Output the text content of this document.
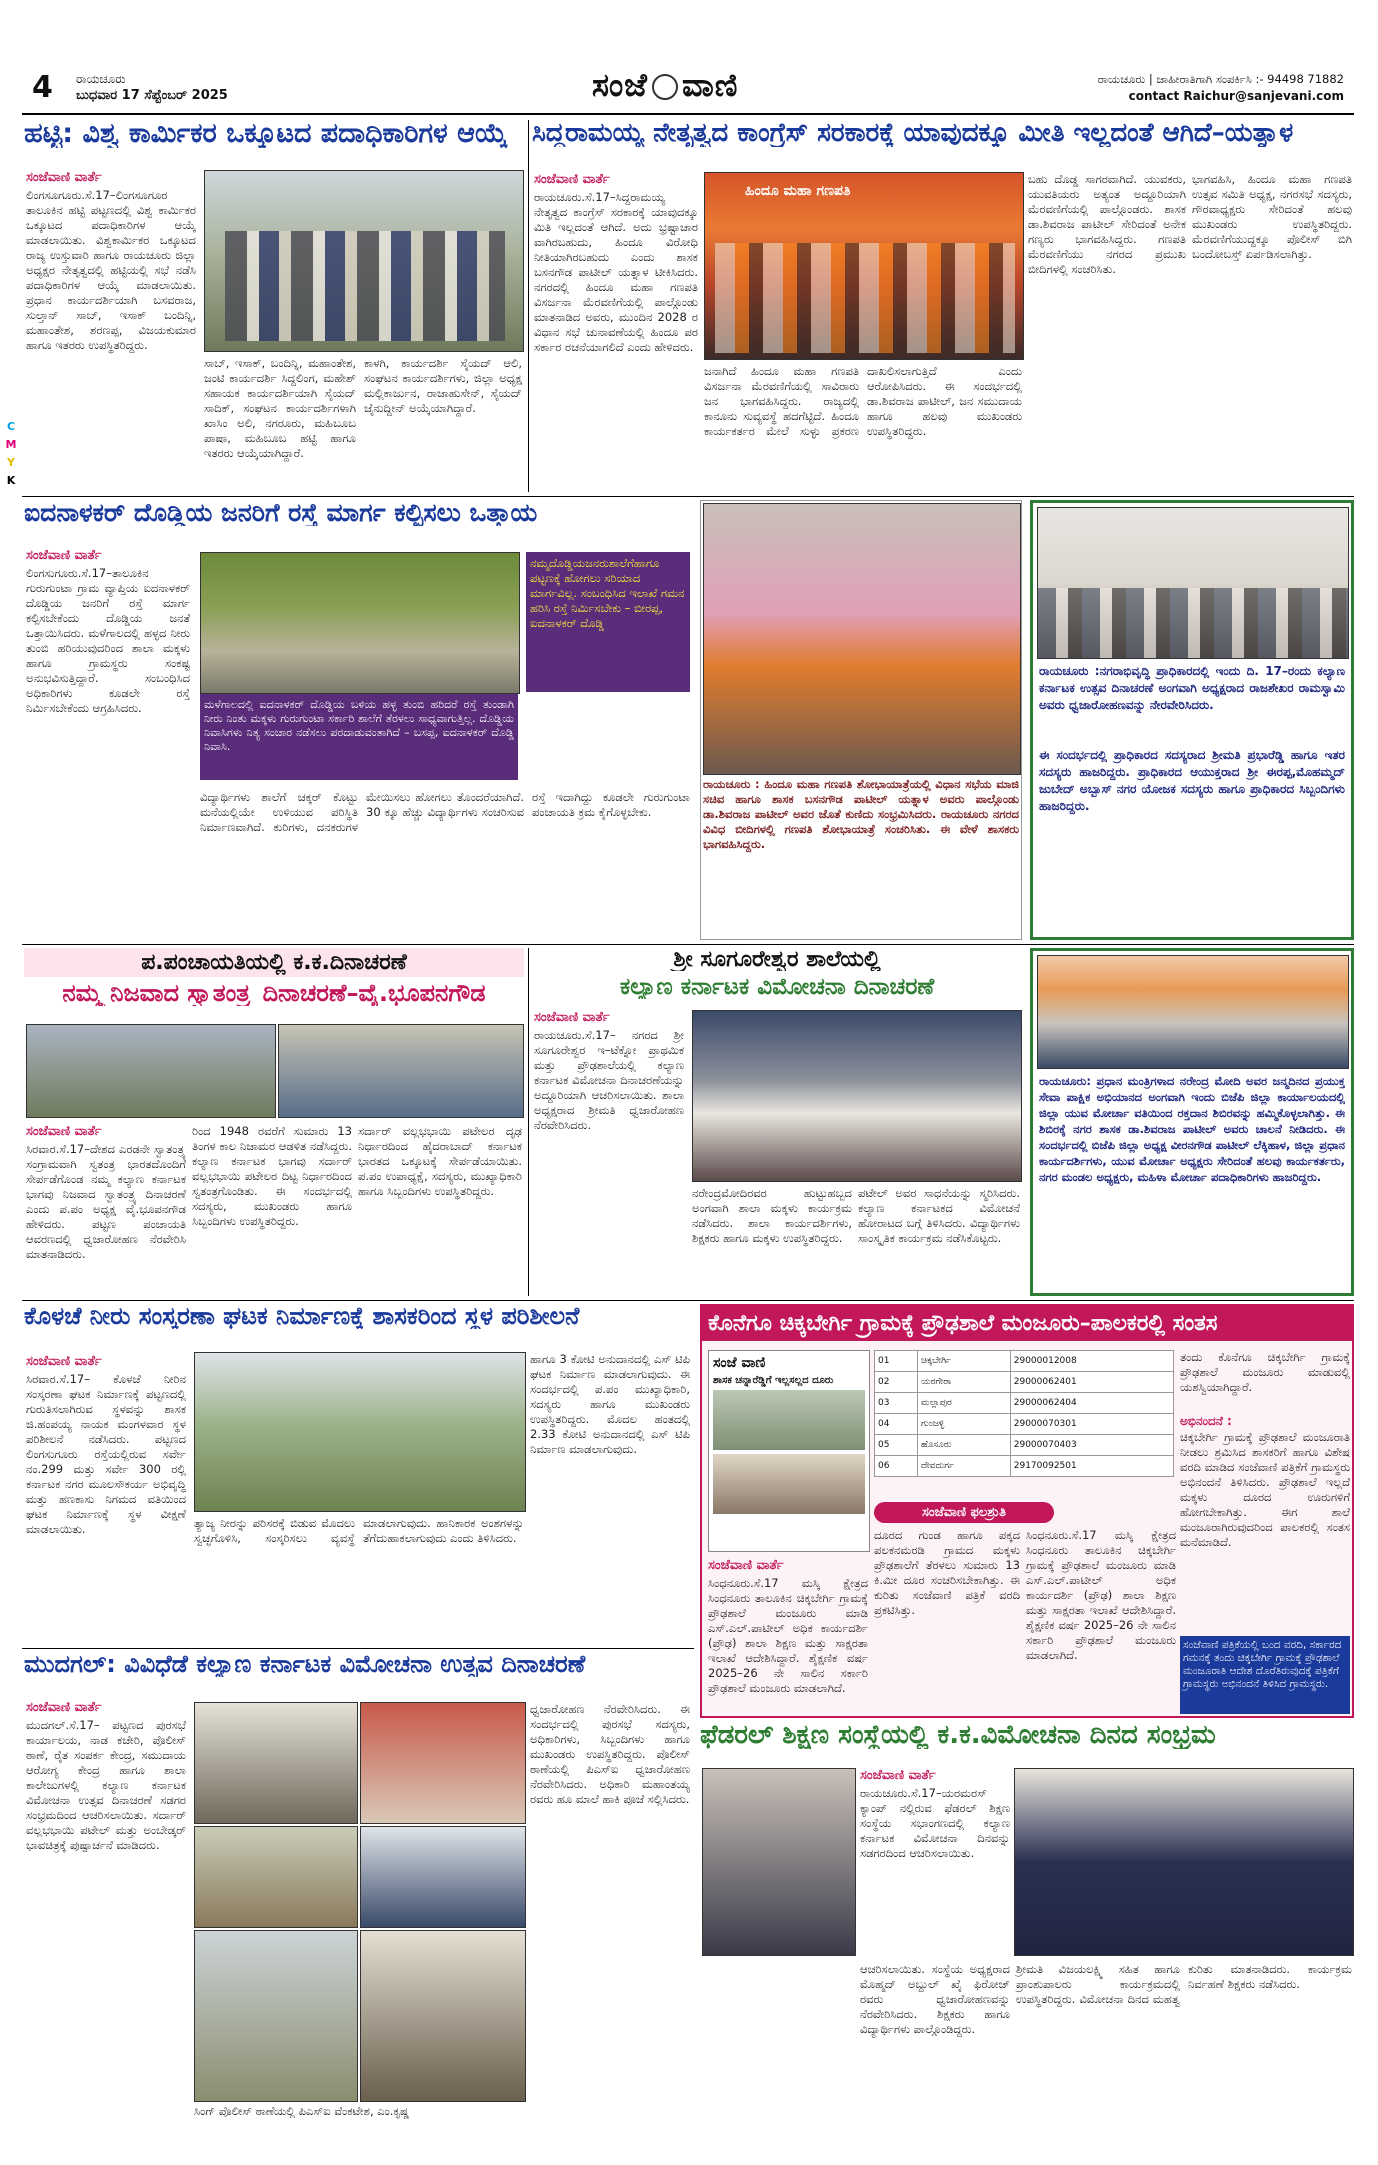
4 ರಾಯಚೂರು
ಬುಧವಾರ 17 ಸೆಪ್ಟೆಂಬರ್ 2025	ಸಂಜೆ ವಾಣಿ	ರಾಯಚೂರು | ಜಾಹೀರಾತಿಗಾಗಿ ಸಂಪರ್ಕಿಸಿ :- 94498 71882
contact Raichur@sanjevani.com
C
M
Y
K
ಹಟ್ಟಿ: ವಿಶ್ವ ಕಾರ್ಮಿಕರ ಒಕ್ಕೂಟದ ಪದಾಧಿಕಾರಿಗಳ ಆಯ್ಕೆ
ಸಂಜೆವಾಣಿ ವಾರ್ತೆ
ಲಿಂಗಸೂಗೂರು.ಸೆ.17–ಲಿಂಗಸೂಗೂರ ತಾಲೂಕಿನ ಹಟ್ಟಿ ಪಟ್ಟಣದಲ್ಲಿ ವಿಶ್ವ ಕಾರ್ಮಿಕರ ಒಕ್ಕೂಟದ ಪದಾಧಿಕಾರಿಗಳ ಆಯ್ಕೆ ಮಾಡಲಾಯಿತು. ವಿಶ್ವಕಾರ್ಮಿಕರ ಒಕ್ಕೂಟದ ರಾಜ್ಯ ಉಸ್ತುವಾರಿ ಹಾಗೂ ರಾಯಚೂರು ಜಿಲ್ಲಾ ಅಧ್ಯಕ್ಷರ ನೇತೃತ್ವದಲ್ಲಿ ಹಟ್ಟಿಯಲ್ಲಿ ಸಭೆ ನಡೆಸಿ ಪದಾಧಿಕಾರಿಗಳ ಆಯ್ಕೆ ಮಾಡಲಾಯಿತು. ಪ್ರಧಾನ ಕಾರ್ಯದರ್ಶಿಯಾಗಿ ಬಸವರಾಜ, ಸುಲ್ತಾನ್ ಸಾಬ್, ಇಸಾಕ್ ಬಂದಿನ್ನಿ, ಮಹಾಂತೇಶ, ಶರಣಪ್ಪ, ವಿಜಯಕುಮಾರ ಹಾಗೂ ಇತರರು ಉಪಸ್ಥಿತರಿದ್ದರು.
ಸಾಬ್, ಇಸಾಕ್, ಬಂದಿನ್ನಿ, ಮಹಾಂತೇಶ, ಜಂಟಿ ಕಾರ್ಯದರ್ಶಿ ಸಿದ್ದಲಿಂಗ, ಮಹೇಶ್ ಸಹಾಯಕ ಕಾರ್ಯದರ್ಶಿಯಾಗಿ ಸೈಯದ್ ಸಾದಿಕ್, ಸಂಘಟನ ಕಾರ್ಯದರ್ಶಿಗಳಾಗಿ ಖಾಸಿಂ ಅಲಿ, ನಗರೂರು, ಮಹಿಬೂಬ ಪಾಷಾ, ಮಹಿಬೂಬ ಹಟ್ಟಿ ಹಾಗೂ ಇತರರು ಆಯ್ಕೆಯಾಗಿದ್ದಾರೆ.
ಕಾಳಗಿ, ಕಾರ್ಯದರ್ಶಿ ಸೈಯದ್ ಆಲಿ, ಸಂಘಟನ ಕಾರ್ಯದರ್ಶಿಗಳು, ಜಿಲ್ಲಾ ಅಧ್ಯಕ್ಷ ಮಲ್ಲಿಕಾರ್ಜುನ, ರಾಜಾಹುಸೇನ್, ಸೈಯದ್ ಜೈನುದ್ದೀನ್ ಅಯ್ಕೆಯಾಗಿದ್ದಾರೆ.
ಸಿದ್ದರಾಮಯ್ಯ ನೇತೃತ್ವದ ಕಾಂಗ್ರೆಸ್ ಸರಕಾರಕ್ಕೆ ಯಾವುದಕ್ಕೂ ಮೀತಿ ಇಲ್ಲದಂತೆ ಆಗಿದೆ–ಯತ್ನಾಳ
ಸಂಜೆವಾಣಿ ವಾರ್ತೆ
ರಾಯಚೂರು.ಸೆ.17–ಸಿದ್ದರಾಮಯ್ಯ ನೇತೃತ್ವದ ಕಾಂಗ್ರೆಸ್ ಸರಕಾರಕ್ಕೆ ಯಾವುದಕ್ಕೂ ಮಿತಿ ಇಲ್ಲದಂತೆ ಆಗಿದೆ. ಅದು ಭ್ರಷ್ಟಾಚಾರ ವಾಗಿರಬಹುದು, ಹಿಂದೂ ವಿರೋಧಿ ನೀತಿಯಾಗಿರಬಹುದು ಎಂದು ಶಾಸಕ ಬಸನಗೌಡ ಪಾಟೀಲ್ ಯತ್ನಾಳ ಟೀಕಿಸಿದರು. ನಗರದಲ್ಲಿ ಹಿಂದೂ ಮಹಾ ಗಣಪತಿ ವಿಸರ್ಜನಾ ಮೆರವಣಿಗೆಯಲ್ಲಿ ಪಾಲ್ಗೊಂಡು ಮಾತನಾಡಿದ ಅವರು, ಮುಂದಿನ 2028 ರ ವಿಧಾನ ಸಭೆ ಚುನಾವಣೆಯಲ್ಲಿ ಹಿಂದೂ ಪರ ಸರ್ಕಾರ ರಚನೆಯಾಗಲಿದೆ ಎಂದು ಹೇಳಿದರು.
ಹಿಂದೂ ಮಹಾ ಗಣಪತಿ
ಜನಾಗಿದೆ ಹಿಂದೂ ಮಹಾ ಗಣಪತಿ ವಿಸರ್ಜನಾ ಮೆರವಣಿಗೆಯಲ್ಲಿ ಸಾವಿರಾರು ಜನ ಭಾಗವಹಿಸಿದ್ದರು. ರಾಜ್ಯದಲ್ಲಿ ಕಾನೂನು ಸುವ್ಯವಸ್ಥೆ ಹದಗೆಟ್ಟಿದೆ. ಹಿಂದೂ ಕಾರ್ಯಕರ್ತರ ಮೇಲೆ ಸುಳ್ಳು ಪ್ರಕರಣ ದಾಖಲಿಸಲಾಗುತ್ತಿದೆ ಎಂದು ಆರೋಪಿಸಿದರು. ಈ ಸಂದರ್ಭದಲ್ಲಿ ಡಾ.ಶಿವರಾಜ ಪಾಟೀಲ್, ಜನ ಸಮುದಾಯ ಹಾಗೂ ಹಲವು ಮುಖಂಡರು ಉಪಸ್ಥಿತರಿದ್ದರು.
ಬಹು ದೊಡ್ಡ ಸಾಗರವಾಗಿದೆ. ಯುವಕರು, ಯುವತಿಯರು ಅತ್ಯಂತ ಅದ್ದೂರಿಯಾಗಿ ಮೆರವಣಿಗೆಯಲ್ಲಿ ಪಾಲ್ಗೊಂಡರು. ಶಾಸಕ ಡಾ.ಶಿವರಾಜ ಪಾಟೀಲ್ ಸೇರಿದಂತೆ ಅನೇಕ ಗಣ್ಯರು ಭಾಗವಹಿಸಿದ್ದರು. ಗಣಪತಿ ಮೆರವಣಿಗೆಯು ನಗರದ ಪ್ರಮುಖ ಬೀದಿಗಳಲ್ಲಿ ಸಂಚರಿಸಿತು.
ಭಾಗವಹಿಸಿ, ಹಿಂದೂ ಮಹಾ ಗಣಪತಿ ಉತ್ಸವ ಸಮಿತಿ ಅಧ್ಯಕ್ಷ, ನಗರಸಭೆ ಸದಸ್ಯರು, ಗೌರವಾಧ್ಯಕ್ಷರು ಸೇರಿದಂತೆ ಹಲವು ಮುಖಂಡರು ಉಪಸ್ಥಿತರಿದ್ದರು. ಮೆರವಣಿಗೆಯುದ್ದಕ್ಕೂ ಪೊಲೀಸ್ ಬಿಗಿ ಬಂದೋಬಸ್ತ್ ಏರ್ಪಡಿಸಲಾಗಿತ್ತು.
ಐದನಾಳಕರ್ ದೊಡ್ಡಿಯ ಜನರಿಗೆ ರಸ್ತೆ ಮಾರ್ಗ ಕಲ್ಪಿಸಲು ಒತ್ತಾಯ
ಸಂಜೆವಾಣಿ ವಾರ್ತೆ
ಲಿಂಗಸುಗೂರು.ಸೆ.17–ತಾಲೂಕಿನ ಗುರುಗುಂಟಾ ಗ್ರಾಮ ವ್ಯಾಪ್ತಿಯ ಐದನಾಳಕರ್ ದೊಡ್ಡಿಯ ಜನರಿಗೆ ರಸ್ತೆ ಮಾರ್ಗ ಕಲ್ಪಿಸಬೇಕೆಂದು ದೊಡ್ಡಿಯ ಜನತೆ ಒತ್ತಾಯಿಸಿದರು. ಮಳೆಗಾಲದಲ್ಲಿ ಹಳ್ಳದ ನೀರು ತುಂಬಿ ಹರಿಯುವುದರಿಂದ ಶಾಲಾ ಮಕ್ಕಳು ಹಾಗೂ ಗ್ರಾಮಸ್ಥರು ಸಂಕಷ್ಟ ಅನುಭವಿಸುತ್ತಿದ್ದಾರೆ. ಸಂಬಂಧಿಸಿದ ಅಧಿಕಾರಿಗಳು ಕೂಡಲೇ ರಸ್ತೆ ನಿರ್ಮಿಸಬೇಕೆಂದು ಆಗ್ರಹಿಸಿದರು.	ಮಳೆಗಾಲದಲ್ಲಿ ಐದನಾಳಕರ್ ದೊಡ್ಡಿಯ ಬಳಿಯ ಹಳ್ಳ ತುಂಬಿ ಹರಿದರೆ ರಸ್ತೆ ತುಂಡಾಗಿ ನೀರು ನಿಂತು ಮಕ್ಕಳು ಗುರುಗುಂಟಾ ಸರ್ಕಾರಿ ಶಾಲೆಗೆ ತೆರಳಲು ಸಾಧ್ಯವಾಗುತ್ತಿಲ್ಲ. ದೊಡ್ಡಿಯ ನಿವಾಸಿಗಳು ನಿತ್ಯ ಸಂಚಾರ ನಡೆಸಲು ಪರದಾಡುವಂತಾಗಿದೆ – ಬಸಪ್ಪ, ಐದನಾಳಕರ್ ದೊಡ್ಡಿ ನಿವಾಸಿ.
ನಮ್ಮದೊಡ್ಡಿಯಜನರುಶಾಲೆಗೆಹಾಗೂ ಪಟ್ಟಣಕ್ಕೆ ಹೋಗಲು ಸರಿಯಾದ ಮಾರ್ಗವಿಲ್ಲ. ಸಂಬಂಧಿಸಿದ ಇಲಾಖೆ ಗಮನ ಹರಿಸಿ ರಸ್ತೆ ನಿರ್ಮಿಸಬೇಕು – ಬೀರಪ್ಪ, ಐದನಾಳಕರ್ ದೊಡ್ಡಿ
ವಿದ್ಯಾರ್ಥಿಗಳು ಶಾಲೆಗೆ ಚಕ್ಕರ್ ಕೊಟ್ಟು ಮನೆಯಲ್ಲಿಯೇ ಉಳಿಯುವ ಪರಿಸ್ಥಿತಿ ನಿರ್ಮಾಣವಾಗಿದೆ. ಕುರಿಗಳು, ದನಕರುಗಳ ಮೇಯಿಸಲು ಹೋಗಲು ತೊಂದರೆಯಾಗಿದೆ. 30 ಕ್ಕೂ ಹೆಚ್ಚು ವಿದ್ಯಾರ್ಥಿಗಳು ಸಂಚರಿಸುವ ರಸ್ತೆ ಇದಾಗಿದ್ದು ಕೂಡಲೇ ಗುರುಗುಂಟಾ ಪಂಚಾಯತಿ ಕ್ರಮ ಕೈಗೊಳ್ಳಬೇಕು.
ರಾಯಚೂರು : ಹಿಂದೂ ಮಹಾ ಗಣಪತಿ ಶೋಭಾಯಾತ್ರೆಯಲ್ಲಿ ವಿಧಾನ ಸಭೆಯ ಮಾಜಿ ಸಚಿವ ಹಾಗೂ ಶಾಸಕ ಬಸನಗೌಡ ಪಾಟೀಲ್ ಯತ್ನಾಳ ಅವರು ಪಾಲ್ಗೊಂಡು ಡಾ.ಶಿವರಾಜ ಪಾಟೀಲ್ ಅವರ ಜೊತೆ ಕುಣಿದು ಸಂಭ್ರಮಿಸಿದರು. ರಾಯಚೂರು ನಗರದ ವಿವಿಧ ಬೀದಿಗಳಲ್ಲಿ ಗಣಪತಿ ಶೋಭಾಯಾತ್ರೆ ಸಂಚರಿಸಿತು. ಈ ವೇಳೆ ಶಾಸಕರು ಭಾಗವಹಿಸಿದ್ದರು.
ರಾಯಚೂರು :ನಗರಾಭಿವೃದ್ಧಿ ಪ್ರಾಧಿಕಾರದಲ್ಲಿ ಇಂದು ದಿ. 17–ರಂದು ಕಲ್ಯಾಣ ಕರ್ನಾಟಕ ಉತ್ಸವ ದಿನಾಚರಣೆ ಅಂಗವಾಗಿ ಅಧ್ಯಕ್ಷರಾದ ರಾಜಶೇಖರ ರಾಮಸ್ವಾಮಿ ಅವರು ಧ್ವಜಾರೋಹಣವನ್ನು ನೇರವೇರಿಸಿದರು.
ಈ ಸಂದರ್ಭದಲ್ಲಿ ಪ್ರಾಧಿಕಾರದ ಸದಸ್ಯರಾದ ಶ್ರೀಮತಿ ಪ್ರಭಾರೆಡ್ಡಿ ಹಾಗೂ ಇತರ ಸದಸ್ಯರು ಹಾಜರಿದ್ದರು. ಪ್ರಾಧಿಕಾರದ ಆಯುಕ್ತರಾದ ಶ್ರೀ ಈರಪ್ಪ,ಮೊಹಮ್ಮದ್ ಜುಬೇದ್ ಅಬ್ಬಾಸ್ ನಗರ ಯೋಜಕ ಸದಸ್ಯರು ಹಾಗೂ ಪ್ರಾಧಿಕಾರದ ಸಿಬ್ಬಂದಿಗಳು ಹಾಜರಿದ್ದರು.
ಪ.ಪಂಚಾಯತಿಯಲ್ಲಿ ಕ.ಕ.ದಿನಾಚರಣೆ
ನಮ್ಮ ನಿಜವಾದ ಸ್ವಾತಂತ್ರ್ಯ ದಿನಾಚರಣೆ–ವೈ.ಭೂಪನಗೌಡ
ಸಂಜೆವಾಣಿ ವಾರ್ತೆ
ಸಿರವಾರ.ಸೆ.17–ದೇಶದ ಎರಡನೇ ಸ್ವಾತಂತ್ರ್ಯ ಸಂಗ್ರಾಮವಾಗಿ ಸ್ವತಂತ್ರ ಭಾರತದೊಂದಿಗೆ ಸೇರ್ಪಡೆಗೊಂಡ ನಮ್ಮ ಕಲ್ಯಾಣ ಕರ್ನಾಟಕ ಭಾಗವು ನಿಜವಾದ ಸ್ವಾತಂತ್ರ್ಯ ದಿನಾಚರಣೆ ಎಂದು ಪ.ಪಂ ಅಧ್ಯಕ್ಷ ವೈ.ಭೂಪನಗೌಡ ಹೇಳಿದರು. ಪಟ್ಟಣ ಪಂಚಾಯತಿ ಆವರಣದಲ್ಲಿ ಧ್ವಜಾರೋಹಣ ನೆರವೇರಿಸಿ ಮಾತನಾಡಿದರು.
ರಿಂದ 1948 ರವರೆಗೆ ಸುಮಾರು 13 ತಿಂಗಳ ಕಾಲ ನಿಜಾಮರ ಆಡಳಿತ ನಡೆಸಿದ್ದರು. ಕಲ್ಯಾಣ ಕರ್ನಾಟಕ ಭಾಗವು ಸರ್ದಾರ್ ವಲ್ಲಭಭಾಯಿ ಪಟೇಲರ ದಿಟ್ಟ ನಿರ್ಧಾರದಿಂದ ಸ್ವತಂತ್ರಗೊಂಡಿತು. ಈ ಸಂದರ್ಭದಲ್ಲಿ ಸದಸ್ಯರು, ಮುಖಂಡರು ಹಾಗೂ ಸಿಬ್ಬಂದಿಗಳು ಉಪಸ್ಥಿತರಿದ್ದರು.
ಸರ್ದಾರ್ ವಲ್ಲಭಭಾಯಿ ಪಟೇಲರ ದೃಢ ನಿರ್ಧಾರದಿಂದ ಹೈದರಾಬಾದ್ ಕರ್ನಾಟಕ ಭಾರತದ ಒಕ್ಕೂಟಕ್ಕೆ ಸೇರ್ಪಡೆಯಾಯಿತು. ಪ.ಪಂ ಉಪಾಧ್ಯಕ್ಷೆ, ಸದಸ್ಯರು, ಮುಖ್ಯಾಧಿಕಾರಿ ಹಾಗೂ ಸಿಬ್ಬಂದಿಗಳು ಉಪಸ್ಥಿತರಿದ್ದರು.
ಶ್ರೀ ಸೂಗೂರೇಶ್ವರ ಶಾಲೆಯಲ್ಲಿ
ಕಲ್ಯಾಣ ಕರ್ನಾಟಕ ವಿಮೋಚನಾ ದಿನಾಚರಣೆ
ಸಂಜೆವಾಣಿ ವಾರ್ತೆ
ರಾಯಚೂರು.ಸೆ.17– ನಗರದ ಶ್ರೀ ಸೂಗೂರೇಶ್ವರ ಇ–ಟೆಕ್ನೋ ಪ್ರಾಥಮಿಕ ಮತ್ತು ಪ್ರೌಢಶಾಲೆಯಲ್ಲಿ ಕಲ್ಯಾಣ ಕರ್ನಾಟಕ ವಿಮೋಚನಾ ದಿನಾಚರಣೆಯನ್ನು ಅದ್ದೂರಿಯಾಗಿ ಆಚರಿಸಲಾಯಿತು. ಶಾಲಾ ಅಧ್ಯಕ್ಷರಾದ ಶ್ರೀಮತಿ ಧ್ವಜಾರೋಹಣ ನೆರವೇರಿಸಿದರು.
ನರೇಂದ್ರಮೋದಿರವರ ಹುಟ್ಟುಹಬ್ಬದ ಅಂಗವಾಗಿ ಶಾಲಾ ಮಕ್ಕಳು ಕಾರ್ಯಕ್ರಮ ನಡೆಸಿದರು. ಶಾಲಾ ಕಾರ್ಯದರ್ಶಿಗಳು, ಶಿಕ್ಷಕರು ಹಾಗೂ ಮಕ್ಕಳು ಉಪಸ್ಥಿತರಿದ್ದರು.
ಪಟೇಲ್ ಅವರ ಸಾಧನೆಯನ್ನು ಸ್ಮರಿಸಿದರು. ಕಲ್ಯಾಣ ಕರ್ನಾಟಕದ ವಿಮೋಚನೆ ಹೋರಾಟದ ಬಗ್ಗೆ ತಿಳಿಸಿದರು. ವಿದ್ಯಾರ್ಥಿಗಳು ಸಾಂಸ್ಕೃತಿಕ ಕಾರ್ಯಕ್ರಮ ನಡೆಸಿಕೊಟ್ಟರು.
ರಾಯಚೂರು: ಪ್ರಧಾನ ಮಂತ್ರಿಗಳಾದ ನರೇಂದ್ರ ಮೋದಿ ಅವರ ಜನ್ಮದಿನದ ಪ್ರಯುಕ್ತ ಸೇವಾ ಪಾಕ್ಷಿಕ ಅಭಿಯಾನದ ಅಂಗವಾಗಿ ಇಂದು ಬಿಜೆಪಿ ಜಿಲ್ಲಾ ಕಾರ್ಯಾಲಯದಲ್ಲಿ ಜಿಲ್ಲಾ ಯುವ ಮೋರ್ಚಾ ವತಿಯಿಂದ ರಕ್ತದಾನ ಶಿಬಿರವನ್ನು ಹಮ್ಮಿಕೊಳ್ಳಲಾಗಿತ್ತು. ಈ ಶಿಬಿರಕ್ಕೆ ನಗರ ಶಾಸಕ ಡಾ.ಶಿವರಾಜ ಪಾಟೀಲ್ ಅವರು ಚಾಲನೆ ನೀಡಿದರು. ಈ ಸಂದರ್ಭದಲ್ಲಿ ಬಿಜೆಪಿ ಜಿಲ್ಲಾ ಅಧ್ಯಕ್ಷ ವೀರನಗೌಡ ಪಾಟೀಲ್ ಲೆಕ್ಕಿಹಾಳ, ಜಿಲ್ಲಾ ಪ್ರಧಾನ ಕಾರ್ಯದರ್ಶಿಗಳು, ಯುವ ಮೋರ್ಚಾ ಅಧ್ಯಕ್ಷರು ಸೇರಿದಂತೆ ಹಲವು ಕಾರ್ಯಕರ್ತರು, ನಗರ ಮಂಡಲ ಅಧ್ಯಕ್ಷರು, ಮಹಿಳಾ ಮೋರ್ಚಾ ಪದಾಧಿಕಾರಿಗಳು ಹಾಜರಿದ್ದರು.
ಕೊಳಚೆ ನೀರು ಸಂಸ್ಕರಣಾ ಘಟಕ ನಿರ್ಮಾಣಕ್ಕೆ ಶಾಸಕರಿಂದ ಸ್ಥಳ ಪರಿಶೀಲನೆ
ಸಂಜೆವಾಣಿ ವಾರ್ತೆ
ಸಿರವಾರ.ಸೆ.17– ಕೊಳಚೆ ನೀರಿನ ಸಂಸ್ಕರಣಾ ಘಟಕ ನಿರ್ಮಾಣಕ್ಕೆ ಪಟ್ಟಣದಲ್ಲಿ ಗುರುತಿಸಲಾಗಿರುವ ಸ್ಥಳವನ್ನು ಶಾಸಕ ಜಿ.ಹಂಪಯ್ಯ ನಾಯಕ ಮಂಗಳವಾರ ಸ್ಥಳ ಪರಿಶೀಲನೆ ನಡೆಸಿದರು. ಪಟ್ಟಣದ ಲಿಂಗಸುಗೂರು ರಸ್ತೆಯಲ್ಲಿರುವ ಸರ್ವೇ ನಂ.299 ಮತ್ತು ಸರ್ವೇ 300 ರಲ್ಲಿ ಕರ್ನಾಟಕ ನಗರ ಮೂಲಸೌಕರ್ಯ ಅಭಿವೃದ್ಧಿ ಮತ್ತು ಹಣಕಾಸು ನಿಗಮದ ವತಿಯಿಂದ ಘಟಕ ನಿರ್ಮಾಣಕ್ಕೆ ಸ್ಥಳ ವೀಕ್ಷಣೆ ಮಾಡಲಾಯಿತು.	ತ್ಯಾಜ್ಯ ನೀರನ್ನು ಪರಿಸರಕ್ಕೆ ಬಿಡುವ ಮೊದಲು ಸ್ವಚ್ಛಗೊಳಿಸಿ, ಸಂಸ್ಕರಿಸಲು ವ್ಯವಸ್ಥೆ ಮಾಡಲಾಗುವುದು. ಹಾನಿಕಾರಕ ಅಂಶಗಳನ್ನು ತೆಗೆದುಹಾಕಲಾಗುವುದು ಎಂದು ತಿಳಿಸಿದರು.
ಹಾಗೂ 3 ಕೋಟಿ ಅನುದಾನದಲ್ಲಿ ಎಸ್ ಟಿಪಿ ಘಟಕ ನಿರ್ಮಾಣ ಮಾಡಲಾಗುವುದು. ಈ ಸಂದರ್ಭದಲ್ಲಿ ಪ.ಪಂ ಮುಖ್ಯಾಧಿಕಾರಿ, ಸದಸ್ಯರು ಹಾಗೂ ಮುಖಂಡರು ಉಪಸ್ಥಿತರಿದ್ದರು. ಮೊದಲ ಹಂತದಲ್ಲಿ 2.33 ಕೋಟಿ ಅನುದಾನದಲ್ಲಿ ಎಸ್ ಟಿಪಿ ನಿರ್ಮಾಣ ಮಾಡಲಾಗುವುದು.
ಕೊನೆಗೂ ಚಿಕ್ಕಬೇರ್ಗಿ ಗ್ರಾಮಕ್ಕೆ ಪ್ರೌಢಶಾಲೆ ಮಂಜೂರು–ಪಾಲಕರಲ್ಲಿ ಸಂತಸ
ಸಂಜೆ ವಾಣಿ
ಶಾಸಕ ಚನ್ನಾರೆಡ್ಡಿಗೆ ಇಲ್ಲಸಲ್ಲದ ದೂರು
01	ಚಿಕ್ಕಬೇರ್ಗಿ	29000012008
02	ಯರಗೇರಾ	29000062401
03	ಮಲ್ಲಾಪುರ	29000062404
04	ಗುಂಜಳ್ಳಿ	29000070301
05	ಹೊಸೂರು	29000070403
06	ದೇವದುರ್ಗ	29170092501
ಸಂಜೆವಾಣಿ ಫಲಶ್ರುತಿ
ದೂರದ ಗುಂಡ ಹಾಗೂ ಪಕ್ಕದ ಪಲಕನಮರಡಿ ಗ್ರಾಮದ ಮಕ್ಕಳು ಪ್ರೌಢಶಾಲೆಗೆ ತೆರಳಲು ಸುಮಾರು 13 ಕಿ.ಮೀ ದೂರ ಸಂಚರಿಸಬೇಕಾಗಿತ್ತು. ಈ ಕುರಿತು ಸಂಜೆವಾಣಿ ಪತ್ರಿಕೆ ವರದಿ ಪ್ರಕಟಿಸಿತ್ತು.
ಸಂಜೆವಾಣಿ ವಾರ್ತೆ
ಸಿಂಧನೂರು.ಸೆ.17 ಮಸ್ಕಿ ಕ್ಷೇತ್ರದ ಸಿಂಧನೂರು ತಾಲೂಕಿನ ಚಿಕ್ಕಬೇರ್ಗಿ ಗ್ರಾಮಕ್ಕೆ ಪ್ರೌಢಶಾಲೆ ಮಂಜೂರು ಮಾಡಿ ಎಸ್.ಎಲ್.ಪಾಟೀಲ್ ಅಧಿಕ ಕಾರ್ಯದರ್ಶಿ (ಪ್ರೌಢ) ಶಾಲಾ ಶಿಕ್ಷಣ ಮತ್ತು ಸಾಕ್ಷರತಾ ಇಲಾಖೆ ಆದೇಶಿಸಿದ್ದಾರೆ. ಶೈಕ್ಷಣಿಕ ವರ್ಷ 2025–26 ನೇ ಸಾಲಿನ ಸರ್ಕಾರಿ ಪ್ರೌಢಶಾಲೆ ಮಂಜೂರು ಮಾಡಲಾಗಿದೆ.
ತಂದು ಕೊನೆಗೂ ಚಿಕ್ಕಬೇರ್ಗಿ ಗ್ರಾಮಕ್ಕೆ ಪ್ರೌಢಶಾಲೆ ಮಂಜೂರು ಮಾಡುವಲ್ಲಿ ಯಶಸ್ವಿಯಾಗಿದ್ದಾರೆ.
ಅಭಿನಂದನೆ :
ಚಿಕ್ಕಬೇರ್ಗಿ ಗ್ರಾಮಕ್ಕೆ ಪ್ರೌಢಶಾಲೆ ಮಂಜೂರಾತಿ ನೀಡಲು ಶ್ರಮಿಸಿದ ಶಾಸಕರಿಗೆ ಹಾಗೂ ವಿಶೇಷ ವರದಿ ಮಾಡಿದ ಸಂಜೆವಾಣಿ ಪತ್ರಿಕೆಗೆ ಗ್ರಾಮಸ್ಥರು ಅಭಿನಂದನೆ ತಿಳಿಸಿದರು. ಪ್ರೌಢಶಾಲೆ ಇಲ್ಲದೆ ಮಕ್ಕಳು ದೂರದ ಊರುಗಳಿಗೆ ಹೋಗಬೇಕಾಗಿತ್ತು. ಈಗ ಶಾಲೆ ಮಂಜೂರಾಗಿರುವುದರಿಂದ ಪಾಲಕರಲ್ಲಿ ಸಂತಸ ಮನೆಮಾಡಿದೆ.
ಸಿಂಧನೂರು.ಸೆ.17 ಮಸ್ಕಿ ಕ್ಷೇತ್ರದ ಸಿಂಧನೂರು ತಾಲೂಕಿನ ಚಿಕ್ಕಬೇರ್ಗಿ ಗ್ರಾಮಕ್ಕೆ ಪ್ರೌಢಶಾಲೆ ಮಂಜೂರು ಮಾಡಿ ಎಸ್.ಎಲ್.ಪಾಟೀಲ್ ಅಧಿಕ ಕಾರ್ಯದರ್ಶಿ (ಪ್ರೌಢ) ಶಾಲಾ ಶಿಕ್ಷಣ ಮತ್ತು ಸಾಕ್ಷರತಾ ಇಲಾಖೆ ಆದೇಶಿಸಿದ್ದಾರೆ. ಶೈಕ್ಷಣಿಕ ವರ್ಷ 2025–26 ನೇ ಸಾಲಿನ ಸರ್ಕಾರಿ ಪ್ರೌಢಶಾಲೆ ಮಂಜೂರು ಮಾಡಲಾಗಿದೆ.
ಸಂಜೆವಾಣಿ ಪತ್ರಿಕೆಯಲ್ಲಿ ಬಂದ ವರದಿ, ಸರ್ಕಾರದ ಗಮನಕ್ಕೆ ತಂದು ಚಿಕ್ಕಬೇರ್ಗಿ ಗ್ರಾಮಕ್ಕೆ ಪ್ರೌಢಶಾಲೆ ಮಂಜೂರಾತಿ ಆದೇಶ ದೊರೆತಿರುವುದಕ್ಕೆ ಪತ್ರಿಕೆಗೆ ಗ್ರಾಮಸ್ಥರು ಅಭಿನಂದನೆ ತಿಳಿಸಿದ ಗ್ರಾಮಸ್ಥರು.
ಮುದಗಲ್: ವಿವಿಧೆಡೆ ಕಲ್ಯಾಣ ಕರ್ನಾಟಕ ವಿಮೋಚನಾ ಉತ್ಸವ ದಿನಾಚರಣೆ
ಸಂಜೆವಾಣಿ ವಾರ್ತೆ
ಮುದಗಲ್.ಸೆ.17– ಪಟ್ಟಣದ ಪುರಸಭೆ ಕಾರ್ಯಾಲಯ, ನಾಡ ಕಚೇರಿ, ಪೊಲೀಸ್ ಠಾಣೆ, ರೈತ ಸಂಪರ್ಕ ಕೇಂದ್ರ, ಸಮುದಾಯ ಆರೋಗ್ಯ ಕೇಂದ್ರ ಹಾಗೂ ಶಾಲಾ ಕಾಲೇಜುಗಳಲ್ಲಿ ಕಲ್ಯಾಣ ಕರ್ನಾಟಕ ವಿಮೋಚನಾ ಉತ್ಸವ ದಿನಾಚರಣೆ ಸಡಗರ ಸಂಭ್ರಮದಿಂದ ಆಚರಿಸಲಾಯಿತು. ಸರ್ದಾರ್ ವಲ್ಲಭಭಾಯಿ ಪಟೇಲ್ ಮತ್ತು ಅಂಬೇಡ್ಕರ್ ಭಾವಚಿತ್ರಕ್ಕೆ ಪುಷ್ಪಾರ್ಚನೆ ಮಾಡಿದರು.
ಸಿಂಗ್ ಪೊಲೀಸ್ ಠಾಣೆಯಲ್ಲಿ ಪಿಎಸ್ಐ ವೆಂಕಟೇಶ, ಎಂ.ಕೃಷ್ಣ
ಧ್ವಜಾರೋಹಣ ನೆರವೇರಿಸಿದರು. ಈ ಸಂದರ್ಭದಲ್ಲಿ ಪುರಸಭೆ ಸದಸ್ಯರು, ಅಧಿಕಾರಿಗಳು, ಸಿಬ್ಬಂದಿಗಳು ಹಾಗೂ ಮುಖಂಡರು ಉಪಸ್ಥಿತರಿದ್ದರು. ಪೊಲೀಸ್ ಠಾಣೆಯಲ್ಲಿ ಪಿಎಸ್ಐ ಧ್ವಜಾರೋಹಣ ನೆರವೇರಿಸಿದರು. ಅಧಿಕಾರಿ ಮಹಾಂತಯ್ಯ ರವರು ಹೂ ಮಾಲೆ ಹಾಕಿ ಪೂಜೆ ಸಲ್ಲಿಸಿದರು.
ಫೆಡರಲ್ ಶಿಕ್ಷಣ ಸಂಸ್ಥೆಯಲ್ಲಿ ಕ.ಕ.ವಿಮೋಚನಾ ದಿನದ ಸಂಭ್ರಮ
ಸಂಜೆವಾಣಿ ವಾರ್ತೆ
ರಾಯಚೂರು.ಸೆ.17–ಯರಮರಸ್ ಕ್ಯಾಂಪ್ ನಲ್ಲಿರುವ ಫೆಡರಲ್ ಶಿಕ್ಷಣ ಸಂಸ್ಥೆಯ ಸಭಾಂಗಣದಲ್ಲಿ ಕಲ್ಯಾಣ ಕರ್ನಾಟಕ ವಿಮೋಚನಾ ದಿನವನ್ನು ಸಡಗರದಿಂದ ಆಚರಿಸಲಾಯಿತು.
ಆಚರಿಸಲಾಯಿತು. ಸಂಸ್ಥೆಯ ಅಧ್ಯಕ್ಷರಾದ ಮೊಹ್ಮದ್ ಅಬ್ದುಲ್ ಖೈ ಫಿರೋಜ್ ರವರು ಧ್ವಜಾರೋಹಣವನ್ನು ನೆರವೇರಿಸಿದರು. ಶಿಕ್ಷಕರು ಹಾಗೂ ವಿದ್ಯಾರ್ಥಿಗಳು ಪಾಲ್ಗೊಂಡಿದ್ದರು.
ಶ್ರೀಮತಿ ವಿಜಯಲಕ್ಷ್ಮಿ ಸಹಿತ ಹಾಗೂ ಪ್ರಾಂಶುಪಾಲರು ಕಾರ್ಯಕ್ರಮದಲ್ಲಿ ಉಪಸ್ಥಿತರಿದ್ದರು. ವಿಮೋಚನಾ ದಿನದ ಮಹತ್ವ ಕುರಿತು ಮಾತನಾಡಿದರು. ಕಾರ್ಯಕ್ರಮ ನಿರ್ವಹಣೆ ಶಿಕ್ಷಕರು ನಡೆಸಿದರು.
